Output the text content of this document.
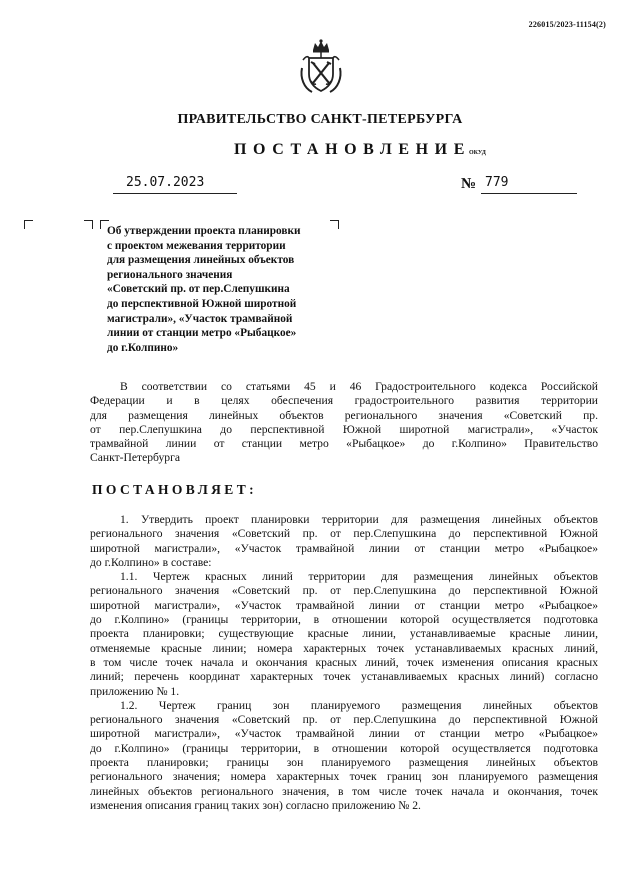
226015/2023-11154(2)
ПРАВИТЕЛЬСТВО САНКТ-ПЕТЕРБУРГА
ПОСТАНОВЛЕНИЕ
ОКУД
25.07.2023	№ 779
Об утверждении проекта планировки
с проектом межевания территории
для размещения линейных объектов
регионального значения
«Советский пр. от пер.Слепушкина
до перспективной Южной широтной
магистрали», «Участок трамвайной
линии от станции метро «Рыбацкое»
до г.Колпино»
В соответствии со статьями 45 и 46 Градостроительного кодекса Российской
Федерации и в целях обеспечения градостроительного развития территории
для размещения линейных объектов регионального значения «Советский пр.
от пер.Слепушкина до перспективной Южной широтной магистрали», «Участок
трамвайной линии от станции метро «Рыбацкое» до г.Колпино» Правительство
Санкт-Петербурга
ПОСТАНОВЛЯЕТ:
1. Утвердить проект планировки территории для размещения линейных объектов
регионального значения «Советский пр. от пер.Слепушкина до перспективной Южной
широтной магистрали», «Участок трамвайной линии от станции метро «Рыбацкое»
до г.Колпино» в составе:
1.1. Чертеж красных линий территории для размещения линейных объектов
регионального значения «Советский пр. от пер.Слепушкина до перспективной Южной
широтной магистрали», «Участок трамвайной линии от станции метро «Рыбацкое»
до г.Колпино» (границы территории, в отношении которой осуществляется подготовка
проекта планировки; существующие красные линии, устанавливаемые красные линии,
отменяемые красные линии; номера характерных точек устанавливаемых красных линий,
в том числе точек начала и окончания красных линий, точек изменения описания красных
линий; перечень координат характерных точек устанавливаемых красных линий) согласно
приложению № 1.
1.2. Чертеж границ зон планируемого размещения линейных объектов
регионального значения «Советский пр. от пер.Слепушкина до перспективной Южной
широтной магистрали», «Участок трамвайной линии от станции метро «Рыбацкое»
до г.Колпино» (границы территории, в отношении которой осуществляется подготовка
проекта планировки; границы зон планируемого размещения линейных объектов
регионального значения; номера характерных точек границ зон планируемого размещения
линейных объектов регионального значения, в том числе точек начала и окончания, точек
изменения описания границ таких зон) согласно приложению № 2.
